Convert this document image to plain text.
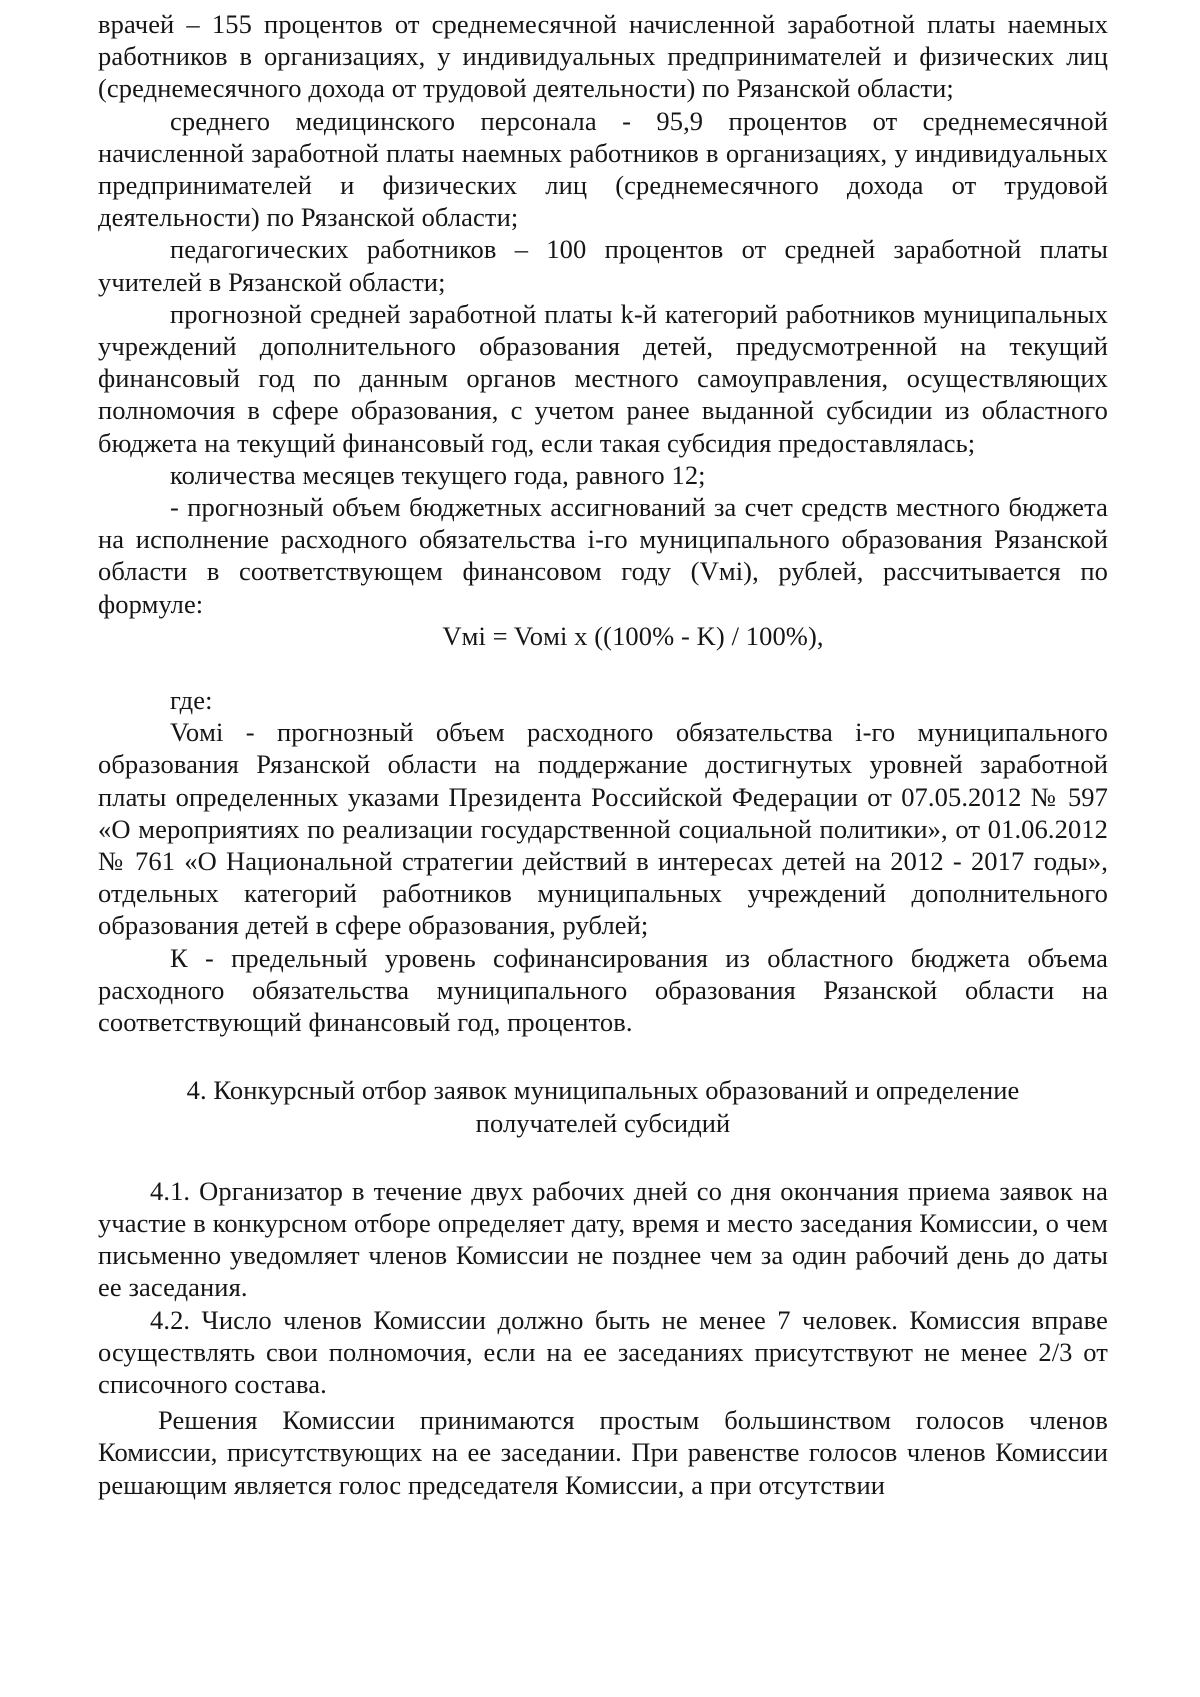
врачей – 155 процентов от среднемесячной начисленной заработной платы наемных работников в организациях, у индивидуальных предпринимателей и физических лиц (среднемесячного дохода от трудовой деятельности) по Рязанской области;

среднего медицинского персонала - 95,9 процентов от среднемесячной начисленной заработной платы наемных работников в организациях, у индивидуальных предпринимателей и физических лиц (среднемесячного дохода от трудовой деятельности) по Рязанской области;

педагогических работников – 100 процентов от средней заработной платы учителей в Рязанской области;

прогнозной средней заработной платы k-й категорий работников муниципальных учреждений дополнительного образования детей, предусмотренной на текущий финансовый год по данным органов местного самоуправления, осуществляющих полномочия в сфере образования, с учетом ранее выданной субсидии из областного бюджета на текущий финансовый год, если такая субсидия предоставлялась;

количества месяцев текущего года, равного 12;

- прогнозный объем бюджетных ассигнований за счет средств местного бюджета на исполнение расходного обязательства i-го муниципального образования Рязанской области в соответствующем финансовом году (Vмi), рублей, рассчитывается по формуле:

Vмi = Voмi x ((100% - K) / 100%),

где:

Voмi - прогнозный объем расходного обязательства i-го муниципального образования Рязанской области на поддержание достигнутых уровней заработной платы определенных указами Президента Российской Федерации от 07.05.2012 № 597 «О мероприятиях по реализации государственной социальной политики», от 01.06.2012 № 761 «О Национальной стратегии действий в интересах детей на 2012 - 2017 годы», отдельных категорий работников муниципальных учреждений дополнительного образования детей в сфере образования, рублей;

К - предельный уровень софинансирования из областного бюджета объема расходного обязательства муниципального образования Рязанской области на соответствующий финансовый год, процентов.

4. Конкурсный отбор заявок муниципальных образований и определение получателей субсидий

4.1. Организатор в течение двух рабочих дней со дня окончания приема заявок на участие в конкурсном отборе определяет дату, время и место заседания Комиссии, о чем письменно уведомляет членов Комиссии не позднее чем за один рабочий день до даты ее заседания.

4.2. Число членов Комиссии должно быть не менее 7 человек. Комиссия вправе осуществлять свои полномочия, если на ее заседаниях присутствуют не менее 2/3 от списочного состава.

Решения Комиссии принимаются простым большинством голосов членов Комиссии, присутствующих на ее заседании. При равенстве голосов членов Комиссии решающим является голос председателя Комиссии, а при отсутствии
